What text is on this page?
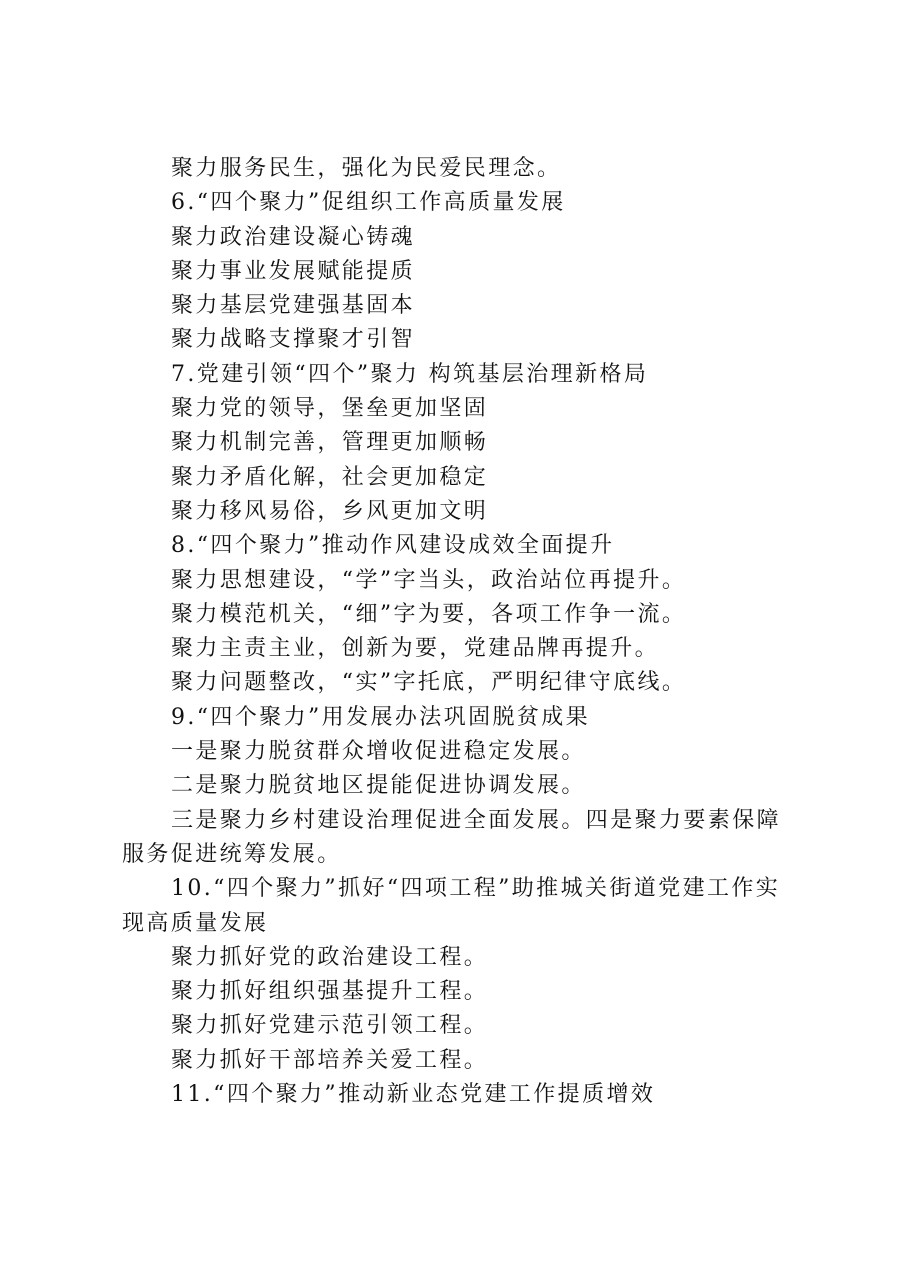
聚力服务民生，强化为民爱民理念。

6.“四个聚力”促组织工作高质量发展

聚力政治建设凝心铸魂

聚力事业发展赋能提质

聚力基层党建强基固本

聚力战略支撑聚才引智

7.党建引领“四个”聚力 构筑基层治理新格局

聚力党的领导，堡垒更加坚固

聚力机制完善，管理更加顺畅

聚力矛盾化解，社会更加稳定

聚力移风易俗，乡风更加文明

8.“四个聚力”推动作风建设成效全面提升

聚力思想建设，“学”字当头，政治站位再提升。

聚力模范机关，“细”字为要，各项工作争一流。

聚力主责主业，创新为要，党建品牌再提升。

聚力问题整改，“实”字托底，严明纪律守底线。

9.“四个聚力”用发展办法巩固脱贫成果

一是聚力脱贫群众增收促进稳定发展。

二是聚力脱贫地区提能促进协调发展。

三是聚力乡村建设治理促进全面发展。四是聚力要素保障服务促进统筹发展。

10.“四个聚力”抓好“四项工程”助推城关街道党建工作实现高质量发展

聚力抓好党的政治建设工程。

聚力抓好组织强基提升工程。

聚力抓好党建示范引领工程。

聚力抓好干部培养关爱工程。

11.“四个聚力”推动新业态党建工作提质增效
